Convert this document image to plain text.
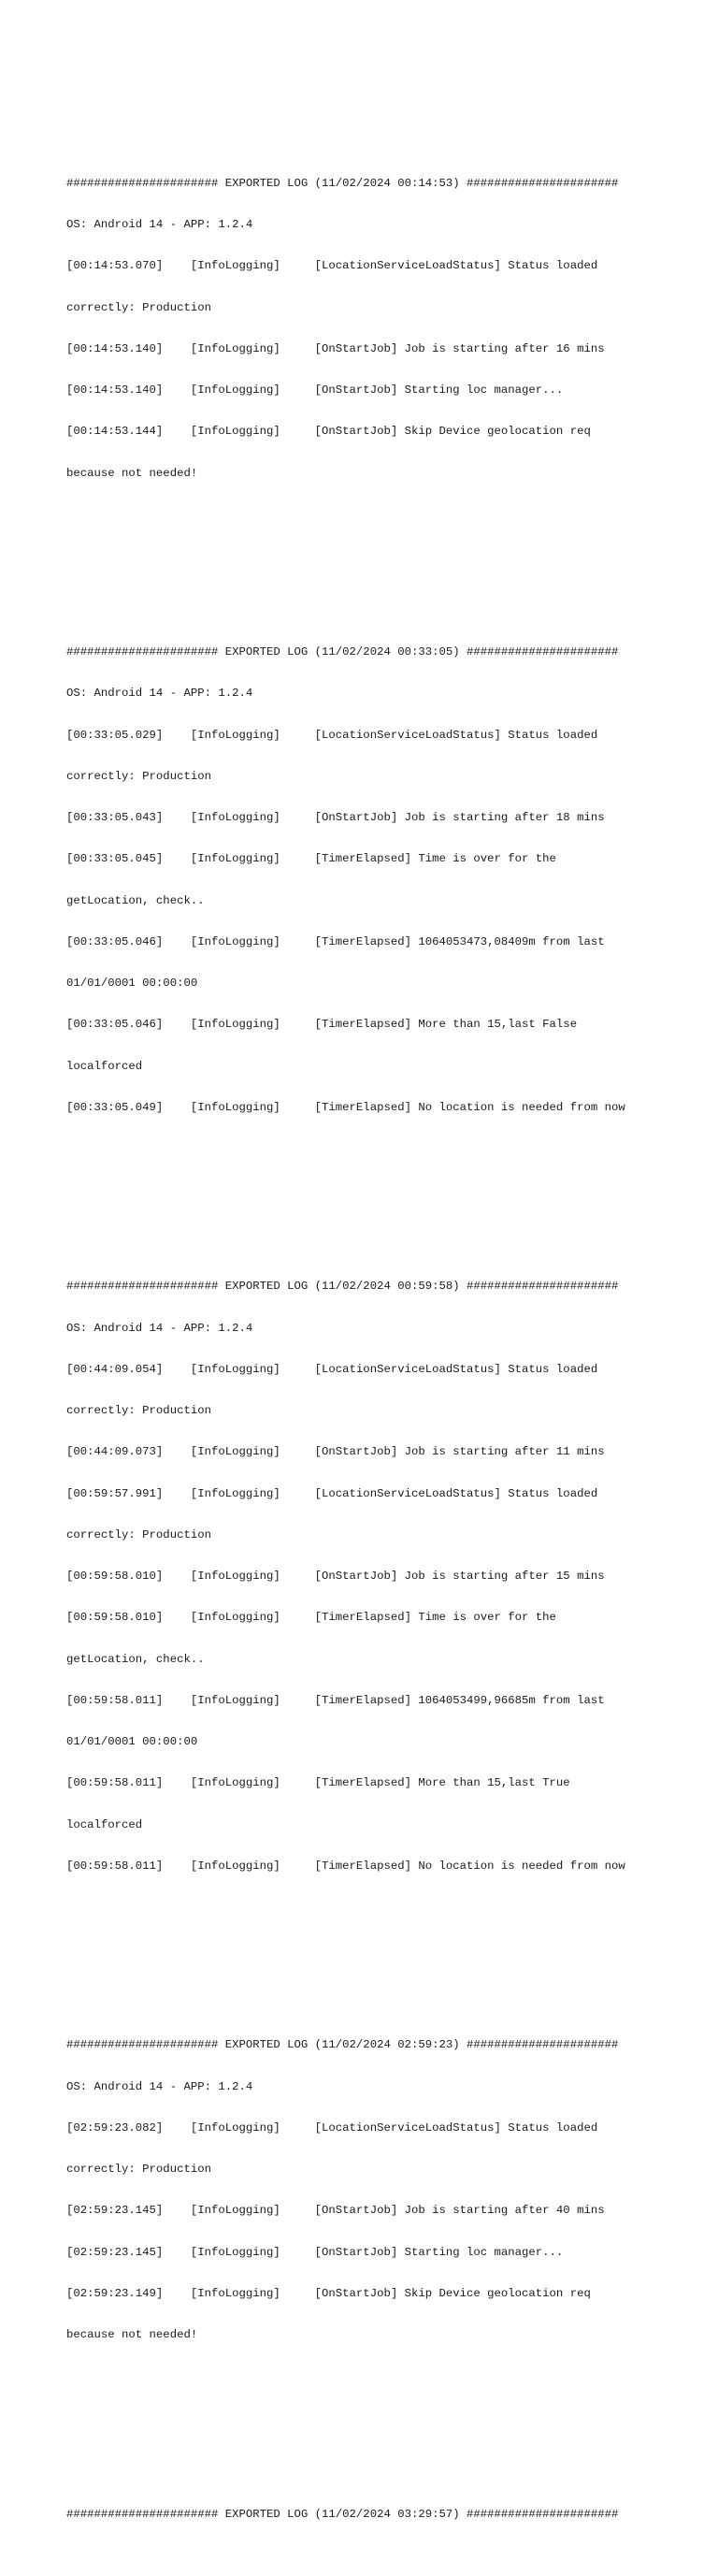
###################### EXPORTED LOG (11/02/2024 00:14:53) ######################

OS: Android 14 - APP: 1.2.4

[00:14:53.070]    [InfoLogging]     [LocationServiceLoadStatus] Status loaded

correctly: Production

[00:14:53.140]    [InfoLogging]     [OnStartJob] Job is starting after 16 mins

[00:14:53.140]    [InfoLogging]     [OnStartJob] Starting loc manager...

[00:14:53.144]    [InfoLogging]     [OnStartJob] Skip Device geolocation req

because not needed!

###################### EXPORTED LOG (11/02/2024 00:33:05) ######################

OS: Android 14 - APP: 1.2.4

[00:33:05.029]    [InfoLogging]     [LocationServiceLoadStatus] Status loaded

correctly: Production

[00:33:05.043]    [InfoLogging]     [OnStartJob] Job is starting after 18 mins

[00:33:05.045]    [InfoLogging]     [TimerElapsed] Time is over for the

getLocation, check..

[00:33:05.046]    [InfoLogging]     [TimerElapsed] 1064053473,08409m from last

01/01/0001 00:00:00

[00:33:05.046]    [InfoLogging]     [TimerElapsed] More than 15,last False

localforced

[00:33:05.049]    [InfoLogging]     [TimerElapsed] No location is needed from now

###################### EXPORTED LOG (11/02/2024 00:59:58) ######################

OS: Android 14 - APP: 1.2.4

[00:44:09.054]    [InfoLogging]     [LocationServiceLoadStatus] Status loaded

correctly: Production

[00:44:09.073]    [InfoLogging]     [OnStartJob] Job is starting after 11 mins

[00:59:57.991]    [InfoLogging]     [LocationServiceLoadStatus] Status loaded

correctly: Production

[00:59:58.010]    [InfoLogging]     [OnStartJob] Job is starting after 15 mins

[00:59:58.010]    [InfoLogging]     [TimerElapsed] Time is over for the

getLocation, check..

[00:59:58.011]    [InfoLogging]     [TimerElapsed] 1064053499,96685m from last

01/01/0001 00:00:00

[00:59:58.011]    [InfoLogging]     [TimerElapsed] More than 15,last True

localforced

[00:59:58.011]    [InfoLogging]     [TimerElapsed] No location is needed from now

###################### EXPORTED LOG (11/02/2024 02:59:23) ######################

OS: Android 14 - APP: 1.2.4

[02:59:23.082]    [InfoLogging]     [LocationServiceLoadStatus] Status loaded

correctly: Production

[02:59:23.145]    [InfoLogging]     [OnStartJob] Job is starting after 40 mins

[02:59:23.145]    [InfoLogging]     [OnStartJob] Starting loc manager...

[02:59:23.149]    [InfoLogging]     [OnStartJob] Skip Device geolocation req

because not needed!

###################### EXPORTED LOG (11/02/2024 03:29:57) ######################
